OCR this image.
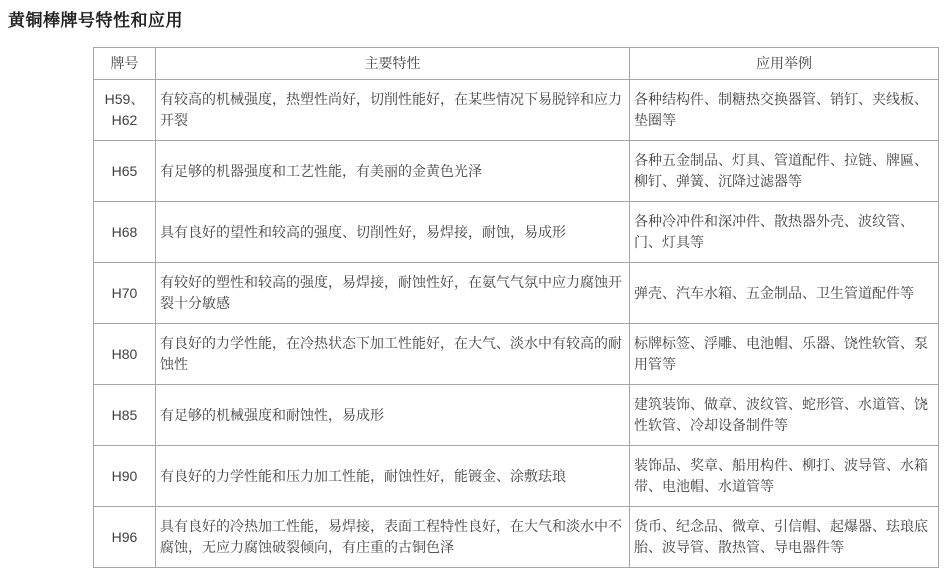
黄铜棒牌号特性和应用
牌号	主要特性	应用举例
H59、H62	有较高的机械强度，热塑性尚好，切削性能好，在某些情况下易脱锌和应力开裂	各种结构件、制糖热交换器管、销钉、夹线板、垫圈等
H65	有足够的机器强度和工艺性能，有美丽的金黄色光泽	各种五金制品、灯具、管道配件、拉链、牌匾、柳钉、弹簧、沉降过滤器等
H68	具有良好的望性和较高的强度、切削性好，易焊接，耐蚀，易成形	各种冷冲件和深冲件、散热器外壳、波纹管、门、灯具等
H70	有较好的塑性和较高的强度，易焊接，耐蚀性好，在氨气气氛中应力腐蚀开裂十分敏感	弹壳、汽车水箱、五金制品、卫生管道配件等
H80	有良好的力学性能，在冷热状态下加工性能好，在大气、淡水中有较高的耐蚀性	标牌标签、浮雕、电池帽、乐器、饶性软管、泵用管等
H85	有足够的机械强度和耐蚀性，易成形	建筑装饰、做章、波纹管、蛇形管、水道管、饶性软管、冷却设备制件等
H90	有良好的力学性能和压力加工性能，耐蚀性好，能镀金、涂敷珐琅	装饰品、奖章、船用构件、柳打、波导管、水箱带、电池帽、水道管等
H96	具有良好的冷热加工性能，易焊接，表面工程特性良好，在大气和淡水中不腐蚀，无应力腐蚀破裂倾向，有庄重的古铜色泽	货币、纪念品、微章、引信帽、起爆器、珐琅底胎、波导管、散热管、导电器件等
